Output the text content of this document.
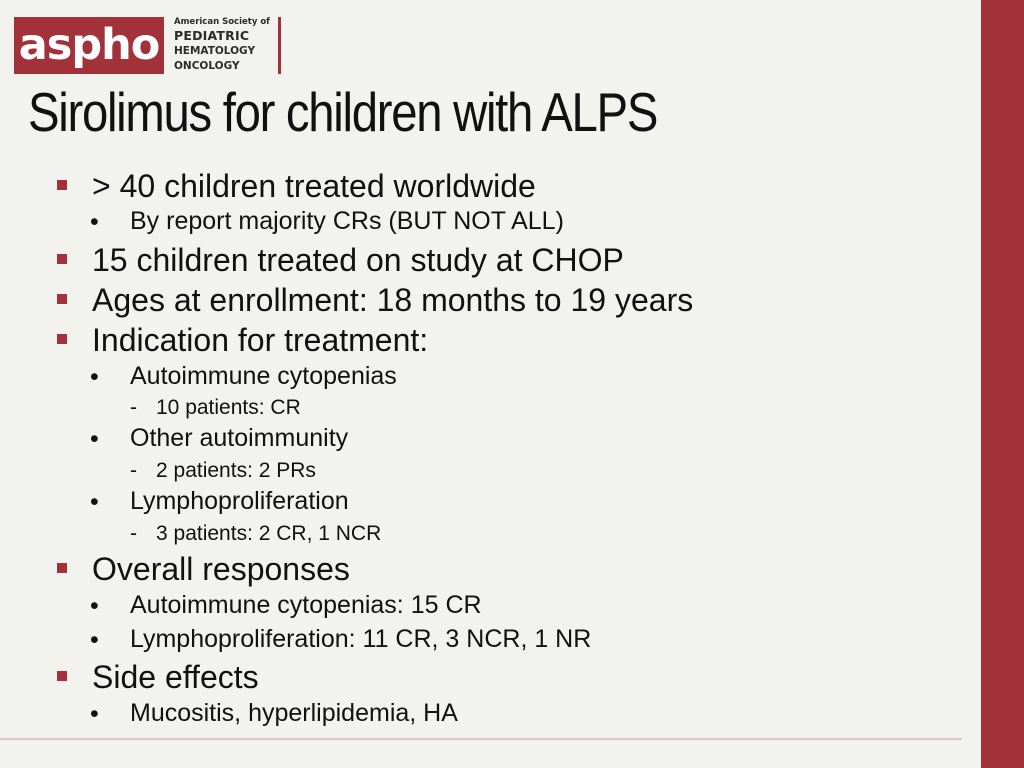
aspho	American Society of
PEDIATRIC
HEMATOLOGY
ONCOLOGY
Sirolimus for children with ALPS
> 40 children treated worldwide
• By report majority CRs (BUT NOT ALL)
15 children treated on study at CHOP
Ages at enrollment: 18 months to 19 years
Indication for treatment:
• Autoimmune cytopenias
- 10 patients: CR
• Other autoimmunity
- 2 patients: 2 PRs
• Lymphoproliferation
- 3 patients: 2 CR, 1 NCR
Overall responses
• Autoimmune cytopenias: 15 CR
• Lymphoproliferation: 11 CR, 3 NCR, 1 NR
Side effects
• Mucositis, hyperlipidemia, HA
